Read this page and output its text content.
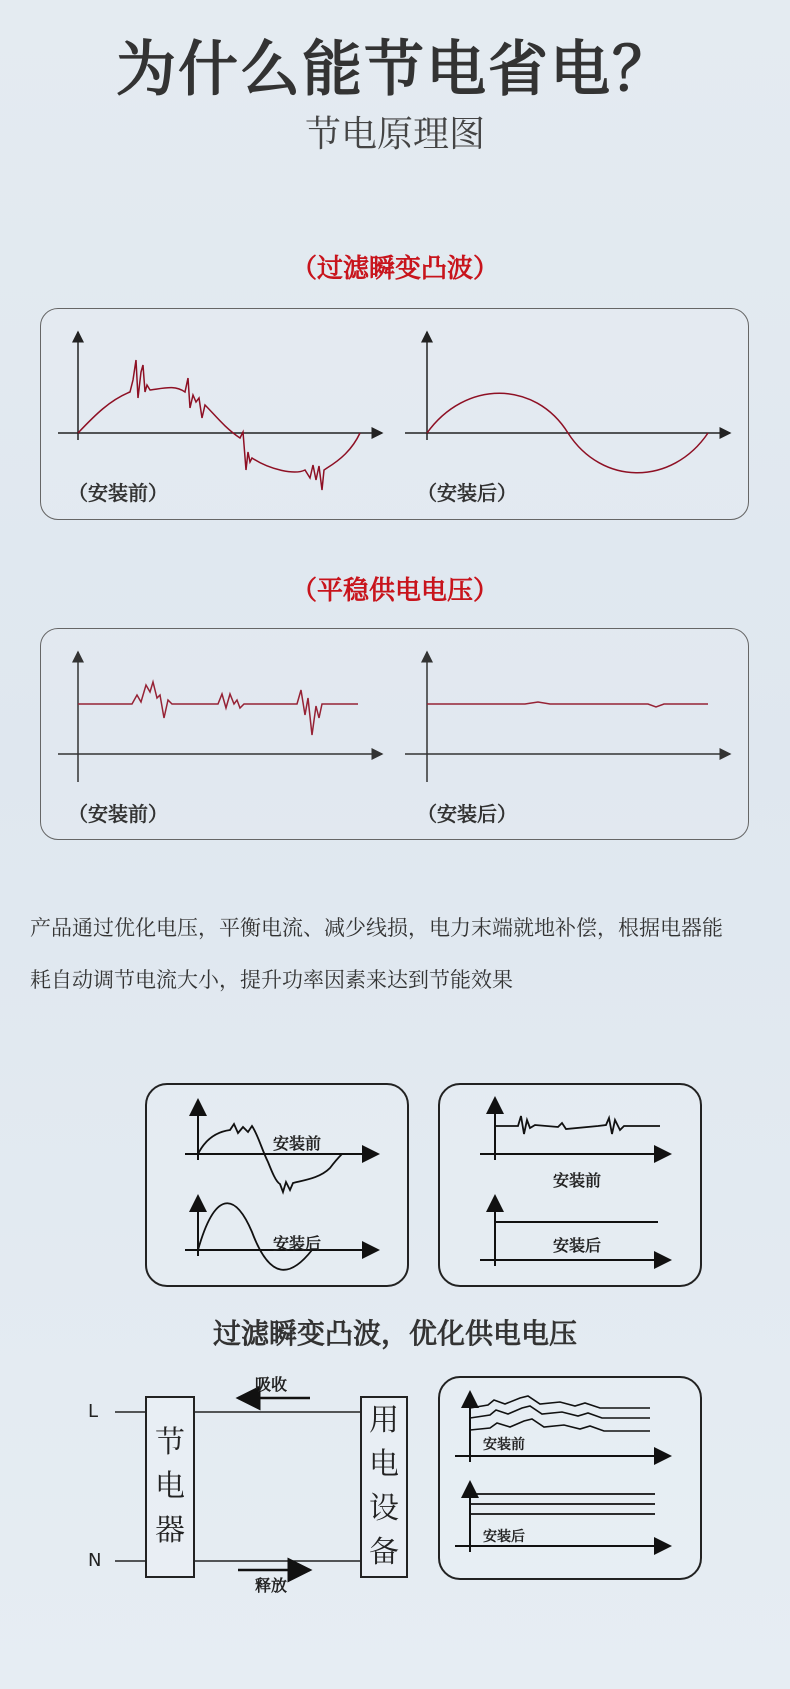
为什么能节电省电？
节电原理图
（过滤瞬变凸波）
（安装前）	（安装后）
（平稳供电电压）
（安装前）	（安装后）
产品通过优化电压，平衡电流、减少线损，电力末端就地补偿，根据电器能
耗自动调节电流大小，提升功率因素来达到节能效果
安装前
安装后
安装前
安装后
过滤瞬变凸波，优化供电电压
L
N
吸收
释放
节
电
器
用
电
设
备
安装前
安装后
